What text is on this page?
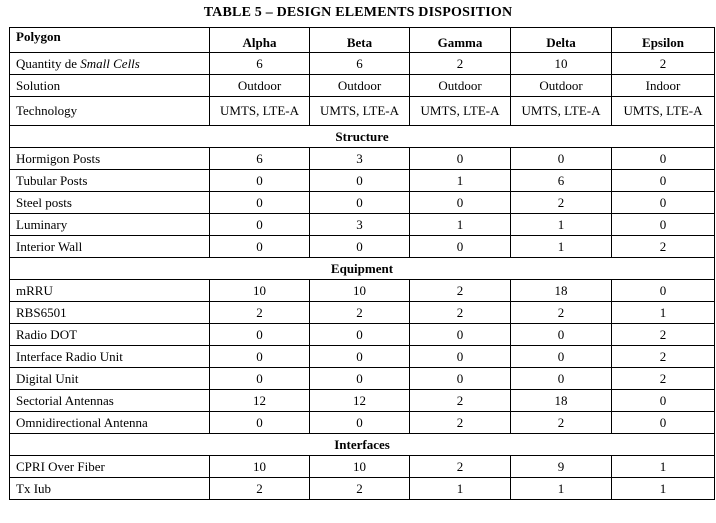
TABLE 5 – DESIGN ELEMENTS DISPOSITION
Polygon	Alpha	Beta	Gamma	Delta	Epsilon
Quantity de Small Cells	6	6	2	10	2
Solution	Outdoor	Outdoor	Outdoor	Outdoor	Indoor
Technology	UMTS, LTE-A	UMTS, LTE-A	UMTS, LTE-A	UMTS, LTE-A	UMTS, LTE-A
Structure					
Hormigon Posts	6	3	0	0	0
Tubular Posts	0	0	1	6	0
Steel posts	0	0	0	2	0
Luminary	0	3	1	1	0
Interior Wall	0	0	0	1	2
Equipment					
mRRU	10	10	2	18	0
RBS6501	2	2	2	2	1
Radio DOT	0	0	0	0	2
Interface Radio Unit	0	0	0	0	2
Digital Unit	0	0	0	0	2
Sectorial Antennas	12	12	2	18	0
Omnidirectional Antenna	0	0	2	2	0
Interfaces					
CPRI Over Fiber	10	10	2	9	1
Tx Iub	2	2	1	1	1
